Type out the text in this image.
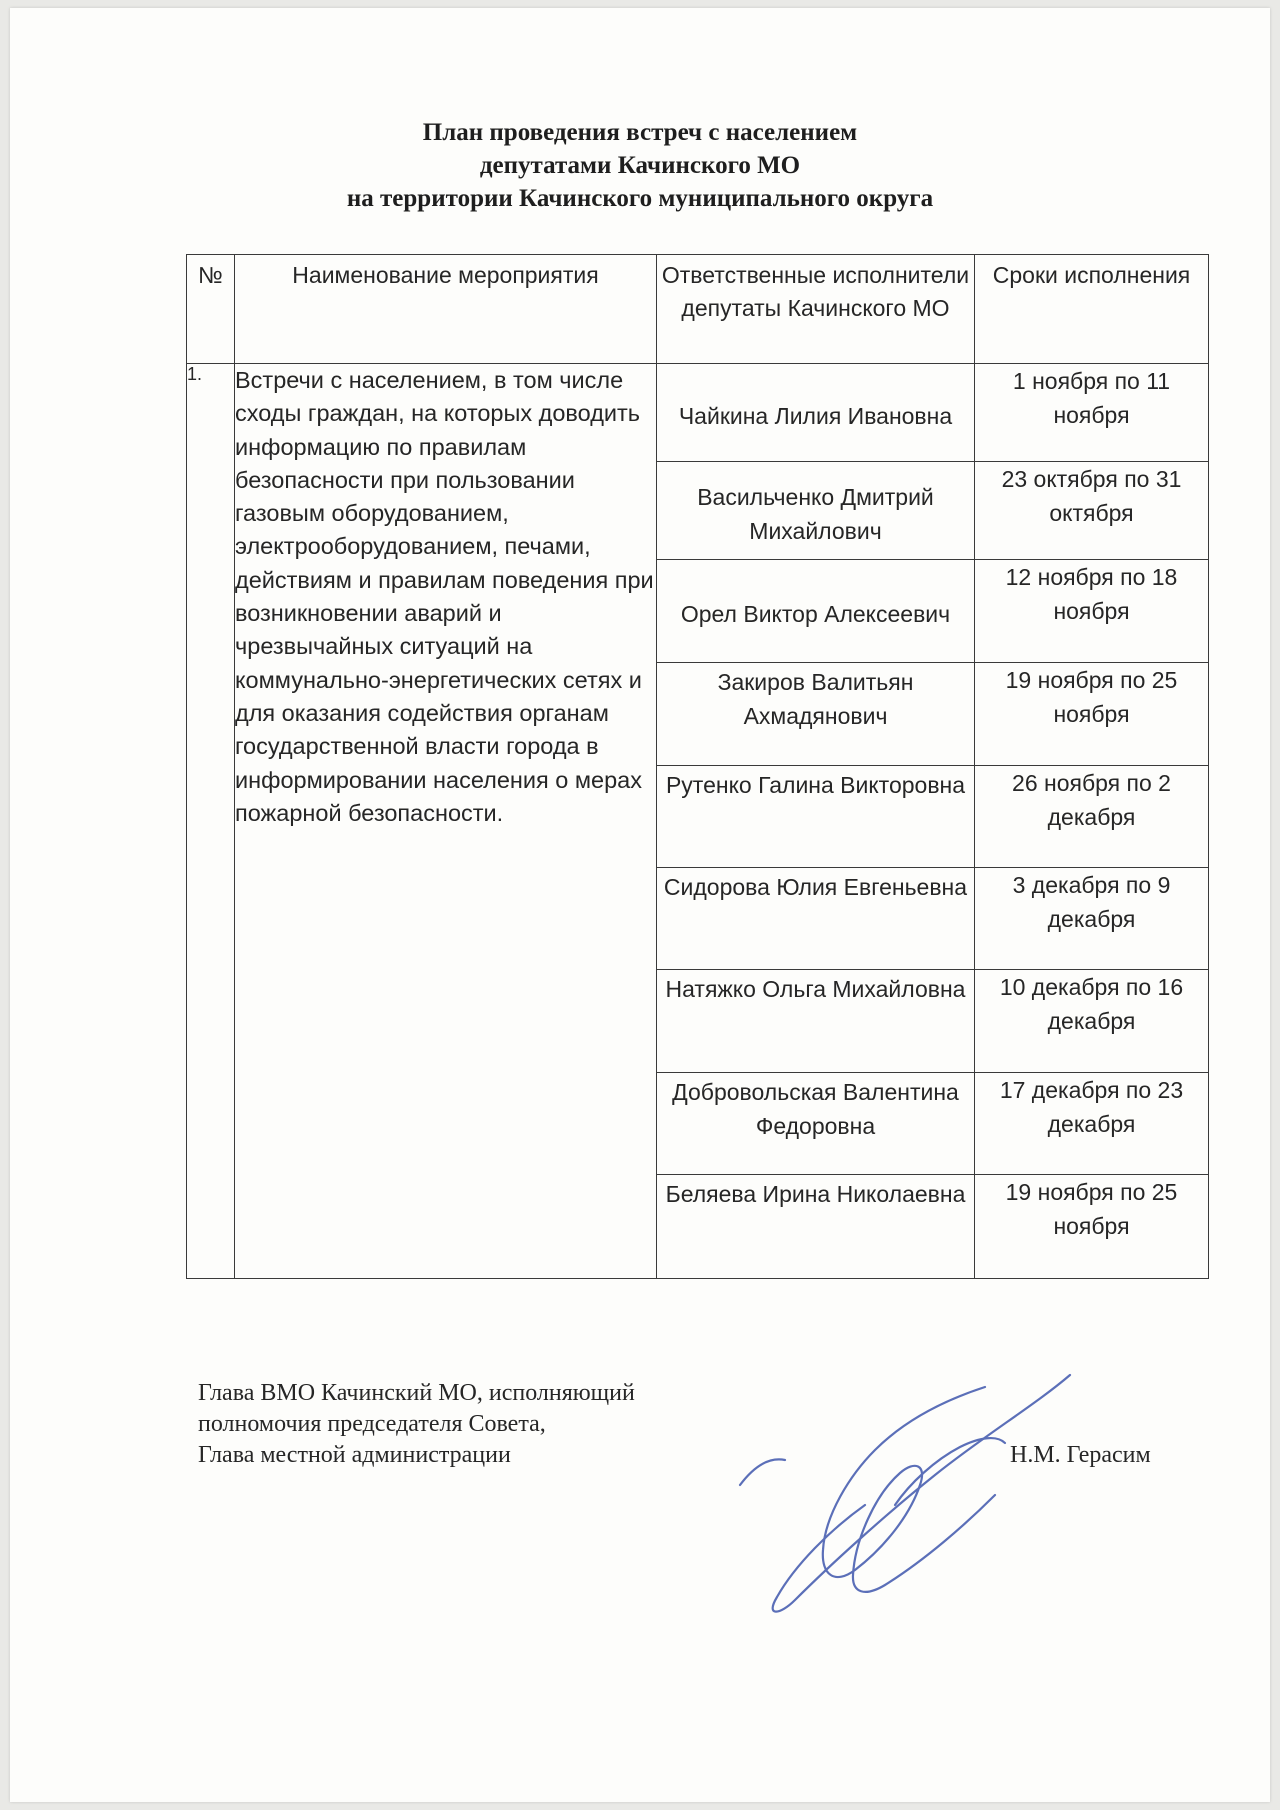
План проведения встреч с населением
депутатами Качинского МО
на территории Качинского муниципального округа
№	Наименование мероприятия	Ответственные исполнители депутаты Качинского МО	Сроки исполнения
1.	Встречи с населением, в том числе сходы граждан, на которых доводить информацию по правилам безопасности при пользовании газовым оборудованием, электрооборудованием, печами, действиям и правилам поведения при возникновении аварий и чрезвычайных ситуаций на коммунально-энергетических сетях и для оказания содействия органам государственной власти города в информировании населения о мерах пожарной безопасности.	Чайкина Лилия Ивановна	1 ноября по 11 ноября
		Васильченко Дмитрий Михайлович	23 октября по 31 октября
		Орел Виктор Алексеевич	12 ноября по 18 ноября
		Закиров Валитьян Ахмадянович	19 ноября по 25 ноября
		Рутенко Галина Викторовна	26 ноября по 2 декабря
		Сидорова Юлия Евгеньевна	3 декабря по 9 декабря
		Натяжко Ольга Михайловна	10 декабря по 16 декабря
		Добровольская Валентина Федоровна	17 декабря по 23 декабря
		Беляева Ирина Николаевна	19 ноября по 25 ноября
Глава ВМО Качинский МО, исполняющий
полномочия председателя Совета,
Глава местной администрации	Н.М. Герасим
